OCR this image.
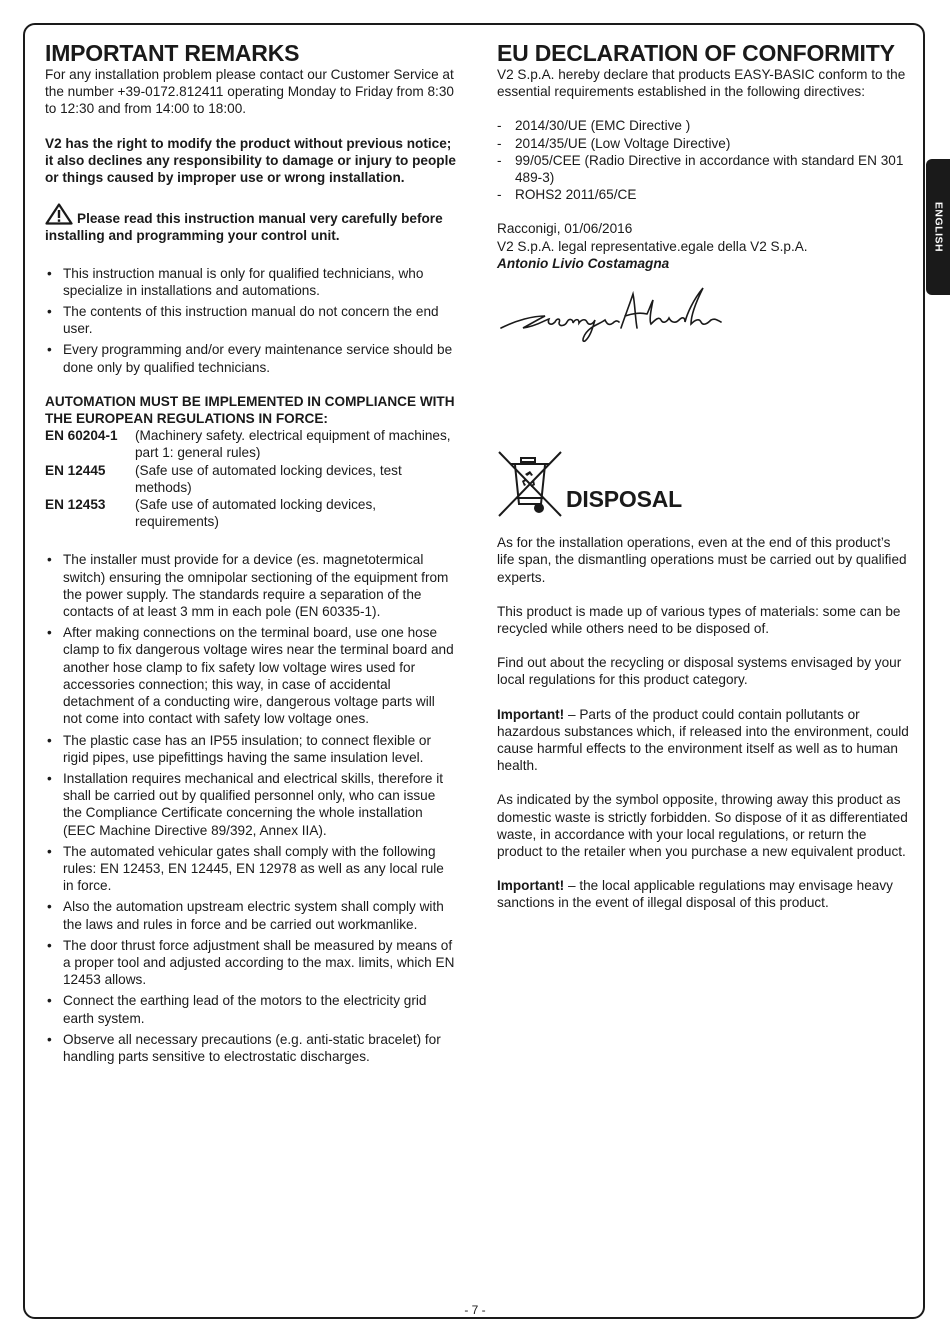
ENGLISH
IMPORTANT REMARKS

For any installation problem please contact our Customer Service at the number +39-0172.812411 operating Monday to Friday from 8:30 to 12:30 and from 14:00 to 18:00.

V2 has the right to modify the product without previous notice; it also declines any responsibility to damage or injury to people or things caused by improper use or wrong installation.

Please read this instruction manual very carefully before installing and programming your control unit.

• This instruction manual is only for qualified technicians, who specialize in installations and automations.
• The contents of this instruction manual do not concern the end user.
• Every programming and/or every maintenance service should be done only by qualified technicians.

AUTOMATION MUST BE IMPLEMENTED IN COMPLIANCE WITH THE EUROPEAN REGULATIONS IN FORCE:

EN 60204-1	(Machinery safety. electrical equipment of machines, part 1: general rules)
EN 12445	(Safe use of automated locking devices, test methods)
EN 12453	(Safe use of automated locking devices, requirements)
• The installer must provide for a device (es. magnetotermical switch) ensuring the omnipolar sectioning of the equipment from the power supply. The standards require a separation of the contacts of at least 3 mm in each pole (EN 60335-1).
• After making connections on the terminal board, use one hose clamp to fix dangerous voltage wires near the terminal board and another hose clamp to fix safety low voltage wires used for accessories connection; this way, in case of accidental detachment of a conducting wire, dangerous voltage parts will not come into contact with safety low voltage ones.
• The plastic case has an IP55 insulation; to connect flexible or rigid pipes, use pipefittings having the same insulation level.
• Installation requires mechanical and electrical skills, therefore it shall be carried out by qualified personnel only, who can issue the Compliance Certificate concerning the whole installation (EEC Machine Directive 89/392, Annex IIA).
• The automated vehicular gates shall comply with the following rules: EN 12453, EN 12445, EN 12978 as well as any local rule in force.
• Also the automation upstream electric system shall comply with the laws and rules in force and be carried out workmanlike.
• The door thrust force adjustment shall be measured by means of a proper tool and adjusted according to the max. limits, which EN 12453 allows.
• Connect the earthing lead of the motors to the electricity grid earth system.
• Observe all necessary precautions (e.g. anti-static bracelet) for handling parts sensitive to electrostatic discharges.
EU DECLARATION OF CONFORMITY

V2 S.p.A. hereby declare that products EASY-BASIC conform to the essential requirements established in the following directives:

- 2014/30/UE (EMC Directive )
- 2014/35/UE (Low Voltage Directive)
- 99/05/CEE (Radio Directive in accordance with standard EN 301 489-3)
- ROHS2 2011/65/CE

Racconigi, 01/06/2016

V2 S.p.A. legal representative.egale della V2 S.p.A.

Antonio Livio Costamagna

DISPOSAL

As for the installation operations, even at the end of this product’s life span, the dismantling operations must be carried out by qualified experts.

This product is made up of various types of materials: some can be recycled while others need to be disposed of.

Find out about the recycling or disposal systems envisaged by your local regulations for this product category.

Important! – Parts of the product could contain pollutants or hazardous substances which, if released into the environment, could cause harmful effects to the environment itself as well as to human health.

As indicated by the symbol opposite, throwing away this product as domestic waste is strictly forbidden. So dispose of it as differentiated waste, in accordance with your local regulations, or return the product to the retailer when you purchase a new equivalent product.

Important! – the local applicable regulations may envisage heavy sanctions in the event of illegal disposal of this product.

- 7 -
